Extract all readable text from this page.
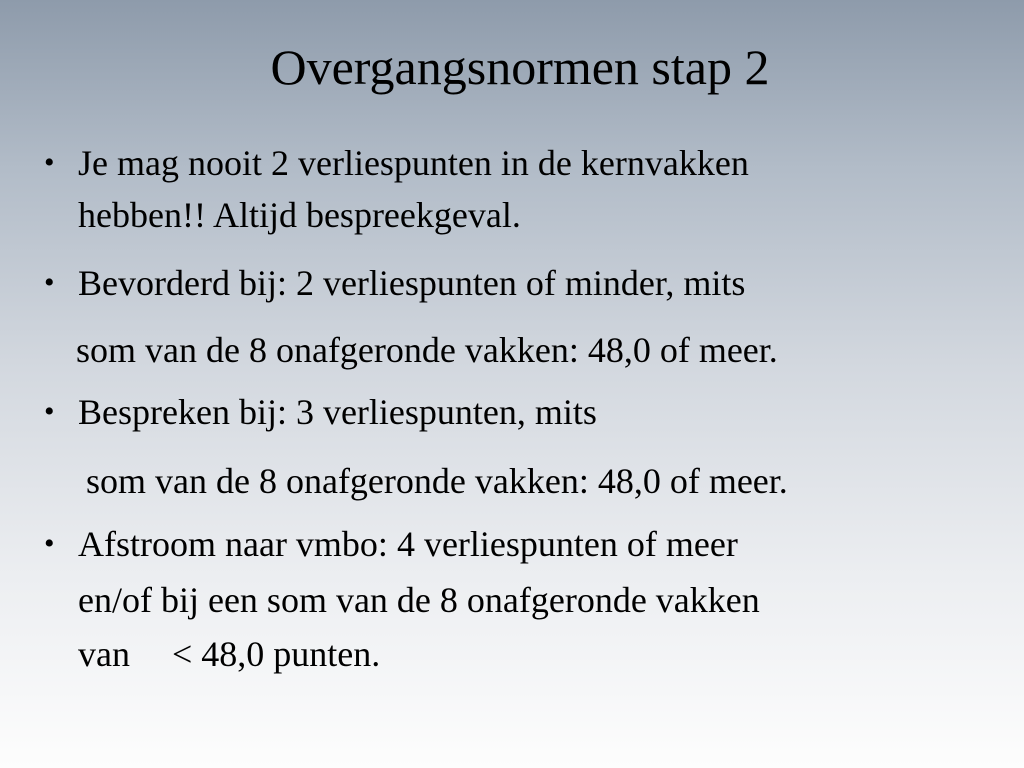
Overgangsnormen stap 2
• Je mag nooit 2 verliespunten in de kernvakken
hebben!! Altijd bespreekgeval.
• Bevorderd bij: 2 verliespunten of minder, mits
som van de 8 onafgeronde vakken: 48,0 of meer.
• Bespreken bij: 3 verliespunten, mits
som van de 8 onafgeronde vakken: 48,0 of meer.
• Afstroom naar vmbo: 4 verliespunten of meer
en/of bij een som van de 8 onafgeronde vakken
van < 48,0 punten.
